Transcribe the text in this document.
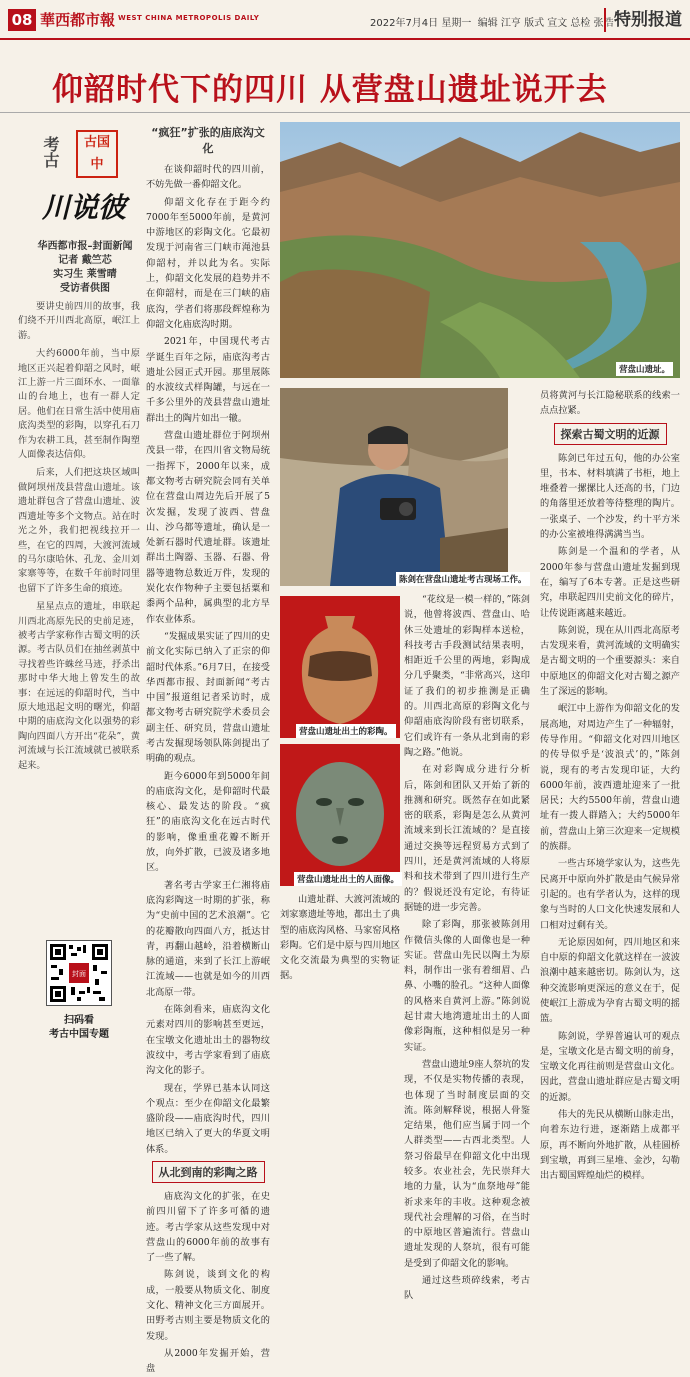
08 華西都市報 WEST CHINA METROPOLIS DAILY	2022年7月4日 星期一 编辑 江亨 版式 宣文 总检 张浩 特别报道
仰韶时代下的四川 从营盘山遗址说开去
考古	古国中
川说彼
华西都市报–封面新闻
记者 戴竺芯
实习生 莱雪晴
受访者供图

要讲史前四川的故事，我们绕不开川西北高原，岷江上游。

大约6000年前，当中原地区正兴起着仰韶之风时，岷江上游一片三面环水、一面靠山的台地上，也有一群人定居。他们在日常生活中使用庙底沟类型的彩陶，以穿孔石刀作为农耕工具，甚至制作陶塑人面像表达信仰。

后来，人们把这块区域叫做阿坝州茂县营盘山遗址。该遗址群包含了营盘山遗址、波西遗址等多个文物点。站在时光之外，我们把视线拉开一些，在它的四周，大渡河流域的马尔康哈休、孔龙、金川刘家寨等等，在数千年前时同里也留下了许多生命的痕迹。

星星点点的遗址，串联起川西北高原先民的史前足迹，被考古学家称作古蜀文明的沃源。考古队员们在抽丝剥茧中寻找着些许蛛丝马迹，抒杀出那时中华大地上曾发生的故事：在远远的仰韶时代，当中原大地迅起文明的曙光，仰韶中期的庙底沟文化以强势的彩陶向四面八方开出“花朵”，黄河流域与长江流域就已被联系起来。

封面
扫码看
考古中国专题
“疯狂”扩张的庙底沟文化

在谈仰韶时代的四川前，不妨先做一番仰韶文化。

仰韶文化存在于距今约7000年至5000年前，是黄河中游地区的彩陶文化。它最初发现于河南省三门峡市渑池县仰韶村，并以此为名。实际上，仰韶文化发展的趋势并不在仰韶村，而是在三门峡的庙底沟，学者们将那段辉煌称为仰韶文化庙底沟时期。

2021年，中国现代考古学诞生百年之际，庙底沟考古遗址公园正式开园。那里展陈的水波纹式样陶罐，与远在一千多公里外的茂县营盘山遗址群出土的陶片如出一辙。

营盘山遗址群位于阿坝州茂县一带，在四川省文物局统一指挥下，2000年以来，成都文物考古研究院会同有关单位在营盘山周边先后开展了5次发掘，发现了波西、营盘山、沙乌都等遗址，确认是一处新石器时代遗址群。该遗址群出土陶器、玉器、石器、骨器等遗物总数近万件，发现的炭化农作物种子主要包括粟和黍两个品种，属典型的北方旱作农业体系。

“发掘成果实证了四川的史前文化实际已纳入了正宗的仰韶时代体系。”6月7日，在接受华西都市报、封面新闻“考古中国”报道组记者采访时，成都文物考古研究院学术委员会副主任、研究员，营盘山遗址考古发掘现场领队陈剑提出了明确的观点。

距今6000年到5000年间的庙底沟文化，是仰韶时代最核心、最发达的阶段。“疯狂”的庙底沟文化在远古时代的影响，像重重花瓣不断开放，向外扩散，已波及诸多地区。

著名考古学家王仁湘将庙底沟彩陶这一时期的扩张，称为“史前中国的艺术浪潮”。它的花瓣散向四面八方，抵达甘青，再翻山越岭，沿着横断山脉的通道，来到了长江上游岷江流域——也就是如今的川西北高原一带。

在陈剑看来，庙底沟文化元素对四川的影响甚至更远，在宝墩文化遗址出土的器物纹波纹中，考古学家看到了庙底沟文化的影子。

现在，学界已基本认同这个观点：至少在仰韶文化最繁盛阶段——庙底沟时代，四川地区已纳入了更大的华夏文明体系。

从北到南的彩陶之路

庙底沟文化的扩张，在史前四川留下了许多可循的遗迹。考古学家从这些发现中对营盘山的6000年前的故事有了一些了解。

陈剑说，谈到文化的构成，一般要从物质文化、制度文化、精神文化三方面展开。田野考古则主要是物质文化的发现。

从2000年发掘开始，营盘

营盘山遗址。
陈剑在营盘山遗址考古现场工作。
营盘山遗址出土的彩陶。
营盘山遗址出土的人面像。

“花纹是一模一样的，”陈剑说，他曾将波西、营盘山、哈休三处遗址的彩陶样本送检，科技考古手段测试结果表明，相距近千公里的两地，彩陶成分几乎聚类，“非常高兴，这印证了我们的初步推测是正确的。川西北高原的彩陶文化与仰韶庙底沟阶段有密切联系，它们或许有一条从北到南的彩陶之路。”他说。

在对彩陶成分进行分析后，陈剑和团队又开始了新的推测和研究。既然存在如此紧密的联系，彩陶是怎么从黄河流域来到长江流域的？是直接通过交换等远程贸易方式到了四川，还是黄河流域的人将原料和技术带到了四川进行生产的？假说还没有定论，有待证据链的进一步完善。

除了彩陶，那张被陈剑用作微信头像的人面像也是一种实证。营盘山先民以陶土为原料，制作出一张有着细眉、凸鼻、小嘴的脸孔。“这种人面像的风格来自黄河上游。”陈剑说起甘肃大地湾遗址出土的人面像彩陶瓶，这种相似是另一种实证。

营盘山遗址9座人祭坑的发现，不仅是实物传播的表现，也体现了当时制度层面的交流。陈剑解释说，根据人骨鉴定结果，他们应当属于同一个人群类型——古西北类型。人祭习俗最早在仰韶文化中出现较多。农业社会，先民崇拜大地的力量，认为“血祭地母”能祈求来年的丰收。这种观念被现代社会理解的习俗，在当时的中原地区普遍流行。营盘山遗址发现的人祭坑，很有可能是受到了仰韶文化的影响。

通过这些琐碎线索，考古队

山遗址群、大渡河流域的刘家寨遗址等地，都出土了典型的庙底沟风格、马家窑风格彩陶。它们是中原与四川地区文化交流最为典型的实物证据。

员将黄河与长江隐秘联系的线索一点点拉紧。

探索古蜀文明的近源

陈剑已年过五旬，他的办公室里，书本、材料填满了书柜，地上堆叠着一摞摞比人还高的书，门边的角落里还放着等待整理的陶片。一张桌子、一个沙发，约十平方米的办公室被堆得满满当当。

陈剑是一个温和的学者，从2000年参与营盘山遗址发掘到现在，编写了6本专著。正是这些研究，串联起四川史前文化的碎片，让传说距离越来越近。

陈剑说，现在从川西北高原考古发现来看，黄河流域的文明确实是古蜀文明的一个重要源头：来自中原地区的仰韶文化对古蜀之源产生了深远的影响。

岷江中上游作为仰韶文化的发展高地，对周边产生了一种辐射，传导作用。“仰韶文化对四川地区的传导似乎是‘波浪式’的，”陈剑说，现有的考古发现印证，大约6000年前，波西遗址迎来了一批居民；大约5500年前，营盘山遗址有一拨人群踏入；大约5000年前，营盘山上第三次迎来一定规模的族群。

一些古环境学家认为，这些先民离开中原向外扩散是由气候异常引起的。也有学者认为，这样的现象与当时的人口文化快速发展和人口相对过剩有关。

无论原因如何，四川地区和来自中原的仰韶文化就这样在一波波浪潮中越来越密切。陈剑认为，这种交流影响更深远的意义在于，促使岷江上游成为孕育古蜀文明的摇篮。

陈剑说，学界普遍认可的观点是，宝墩文化是古蜀文明的前身，宝墩文化再往前则是营盘山文化。因此，营盘山遗址群应是古蜀文明的近源。

伟大的先民从横断山脉走出，向着东边行进，逐渐踏上成都平原，再不断向外地扩散，从桂圆桥到宝墩，再到三星堆、金沙，勾勒出古蜀国辉煌灿烂的模样。
